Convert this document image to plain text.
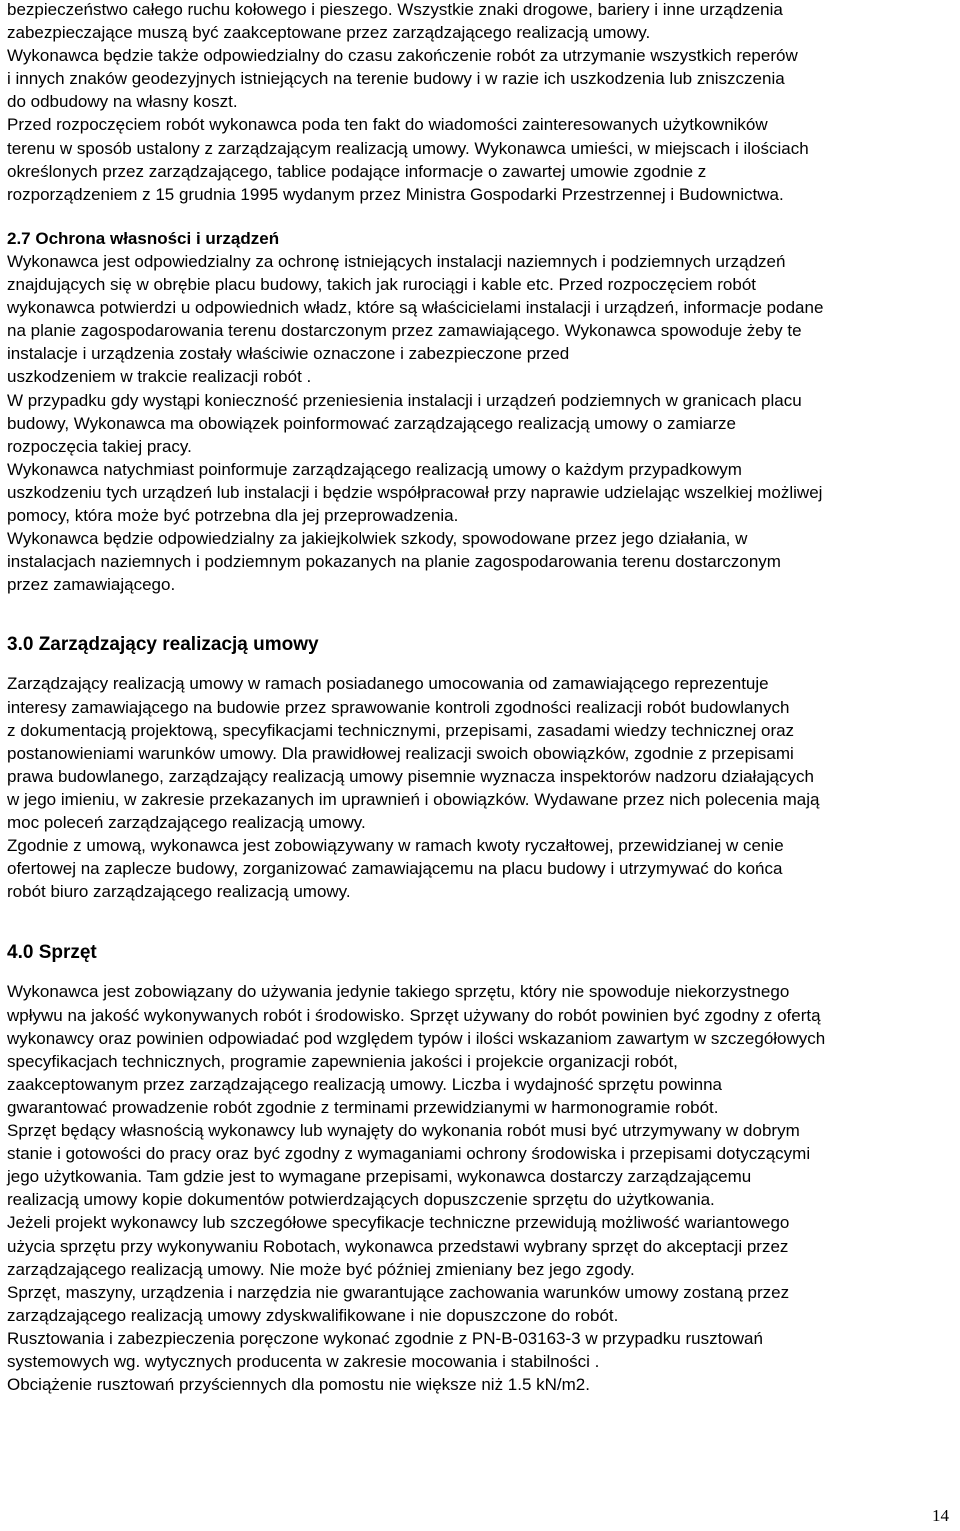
bezpieczeństwo całego ruchu kołowego i pieszego. Wszystkie znaki drogowe, bariery i inne urządzenia
zabezpieczające muszą być zaakceptowane przez zarządzającego realizacją umowy.
Wykonawca będzie także odpowiedzialny do czasu zakończenie robót za utrzymanie wszystkich reperów
i innych znaków geodezyjnych istniejących na terenie budowy i w razie ich uszkodzenia lub zniszczenia
do odbudowy na własny koszt.
Przed rozpoczęciem robót wykonawca poda ten fakt do wiadomości zainteresowanych użytkowników
terenu w sposób ustalony z zarządzającym realizacją umowy. Wykonawca umieści, w miejscach i ilościach
określonych przez zarządzającego, tablice podające informacje o zawartej umowie zgodnie z
rozporządzeniem z 15 grudnia 1995 wydanym przez Ministra Gospodarki Przestrzennej i Budownictwa.
2.7 Ochrona własności i urządzeń
Wykonawca jest odpowiedzialny za ochronę istniejących instalacji naziemnych i podziemnych urządzeń
znajdujących się w obrębie placu budowy, takich jak rurociągi i kable etc. Przed rozpoczęciem robót
wykonawca potwierdzi u odpowiednich władz, które są właścicielami instalacji i urządzeń, informacje podane
na planie zagospodarowania terenu dostarczonym przez zamawiającego. Wykonawca spowoduje żeby te
instalacje i urządzenia zostały właściwie oznaczone i zabezpieczone przed
uszkodzeniem w trakcie realizacji robót .
W przypadku gdy wystąpi konieczność przeniesienia instalacji i urządzeń podziemnych w granicach placu
budowy, Wykonawca ma obowiązek poinformować zarządzającego realizacją umowy o zamiarze
rozpoczęcia takiej pracy.
Wykonawca natychmiast poinformuje zarządzającego realizacją umowy o każdym przypadkowym
uszkodzeniu tych urządzeń lub instalacji i będzie współpracował przy naprawie udzielając wszelkiej możliwej
pomocy, która może być potrzebna dla jej przeprowadzenia.
Wykonawca będzie odpowiedzialny za jakiejkolwiek szkody, spowodowane przez jego działania, w
instalacjach naziemnych i podziemnym pokazanych na planie zagospodarowania terenu dostarczonym
przez zamawiającego.
3.0 Zarządzający realizacją umowy
Zarządzający realizacją umowy w ramach posiadanego umocowania od zamawiającego reprezentuje
interesy zamawiającego na budowie przez sprawowanie kontroli zgodności realizacji robót budowlanych
z dokumentacją projektową, specyfikacjami technicznymi, przepisami, zasadami wiedzy technicznej oraz
postanowieniami warunków umowy. Dla prawidłowej realizacji swoich obowiązków, zgodnie z przepisami
prawa budowlanego, zarządzający realizacją umowy pisemnie wyznacza inspektorów nadzoru działających
w jego imieniu, w zakresie przekazanych im uprawnień i obowiązków. Wydawane przez nich polecenia mają
moc poleceń zarządzającego realizacją umowy.
Zgodnie z umową, wykonawca jest zobowiązywany w ramach kwoty ryczałtowej, przewidzianej w cenie
ofertowej na zaplecze budowy, zorganizować zamawiającemu na placu budowy i utrzymywać do końca
robót biuro zarządzającego realizacją umowy.
4.0 Sprzęt
Wykonawca jest zobowiązany do używania jedynie takiego sprzętu, który nie spowoduje niekorzystnego
wpływu na jakość wykonywanych robót i środowisko. Sprzęt używany do robót powinien być zgodny z ofertą
wykonawcy oraz powinien odpowiadać pod względem typów i ilości wskazaniom zawartym w szczegółowych
specyfikacjach technicznych, programie zapewnienia jakości i projekcie organizacji robót,
zaakceptowanym przez zarządzającego realizacją umowy. Liczba i wydajność sprzętu powinna
gwarantować prowadzenie robót zgodnie z terminami przewidzianymi w harmonogramie robót.
Sprzęt będący własnością wykonawcy lub wynajęty do wykonania robót musi być utrzymywany w dobrym
stanie i gotowości do pracy oraz być zgodny z wymaganiami ochrony środowiska i przepisami dotyczącymi
jego użytkowania. Tam gdzie jest to wymagane przepisami, wykonawca dostarczy zarządzającemu
realizacją umowy kopie dokumentów potwierdzających dopuszczenie sprzętu do użytkowania.
Jeżeli projekt wykonawcy lub szczegółowe specyfikacje techniczne przewidują możliwość wariantowego
użycia sprzętu przy wykonywaniu Robotach, wykonawca przedstawi wybrany sprzęt do akceptacji przez
zarządzającego realizacją umowy. Nie może być później zmieniany bez jego zgody.
Sprzęt, maszyny, urządzenia i narzędzia nie gwarantujące zachowania warunków umowy zostaną przez
zarządzającego realizacją umowy zdyskwalifikowane i nie dopuszczone do robót.
Rusztowania i zabezpieczenia poręczone wykonać zgodnie z PN-B-03163-3 w przypadku rusztowań
systemowych wg. wytycznych producenta w zakresie mocowania i stabilności .
Obciążenie rusztowań przyściennych dla pomostu nie większe niż 1.5 kN/m2.
14
